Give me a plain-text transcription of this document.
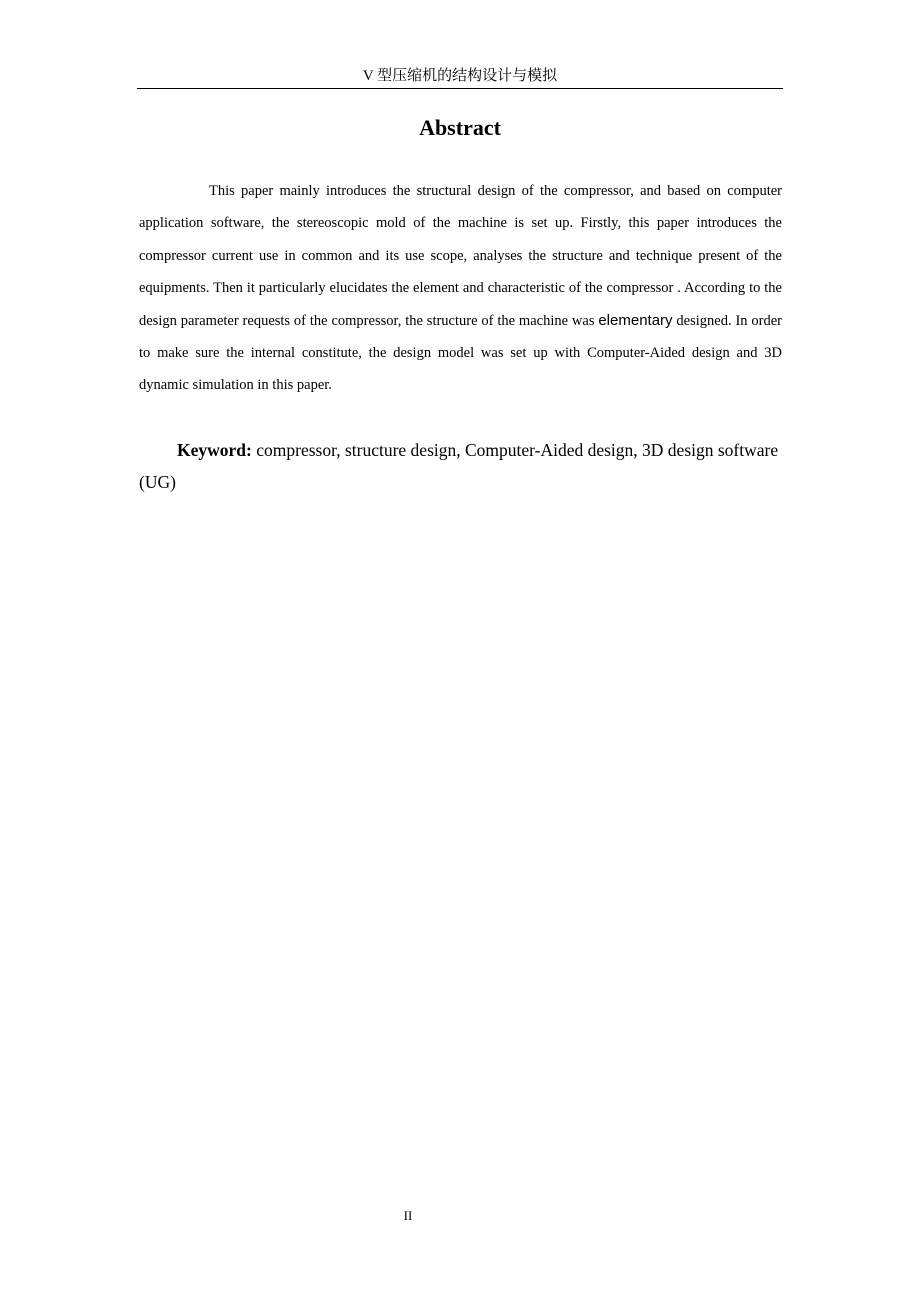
V 型压缩机的结构设计与模拟
Abstract

This paper mainly introduces the structural design of the compressor, and based on computer application software, the stereoscopic mold of the machine is set up. Firstly, this paper introduces the compressor current use in common and its use scope, analyses the structure and technique present of the equipments. Then it particularly elucidates the element and characteristic of the compressor . According to the design parameter requests of the compressor, the structure of the machine was elementary designed. In order to make sure the internal constitute, the design model was set up with Computer-Aided design and 3D dynamic simulation in this paper.

Keyword: compressor, structure design, Computer-Aided design, 3D design software (UG)

II
